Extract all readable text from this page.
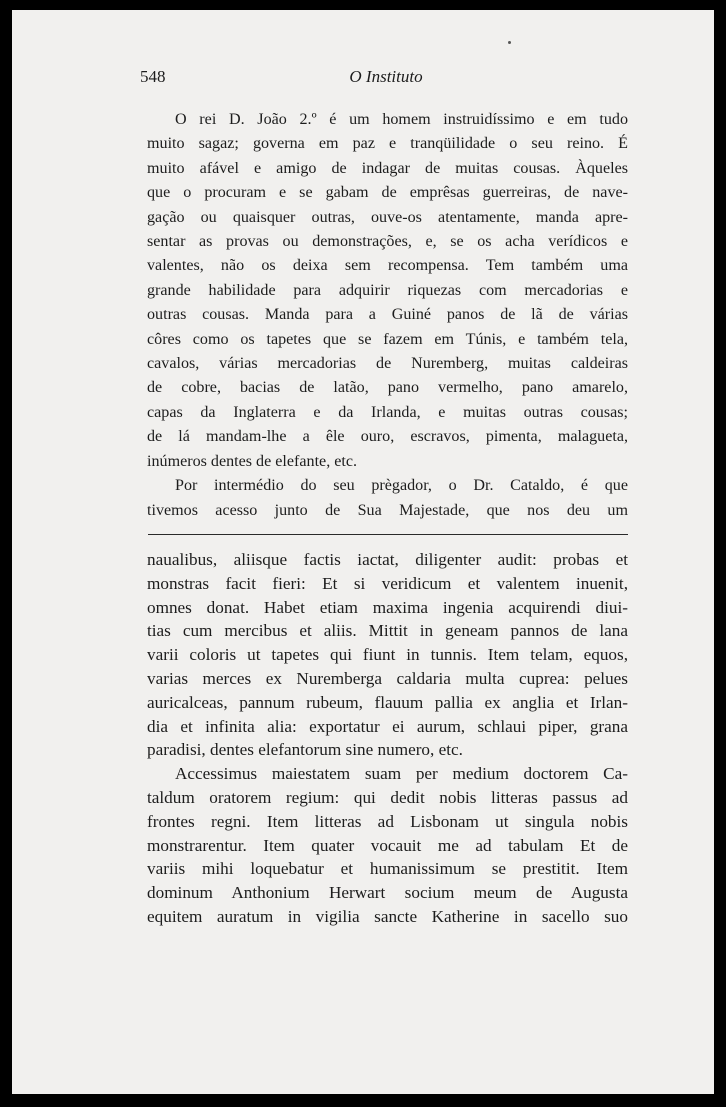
548	O Instituto

O rei D. João 2.º é um homem instruidíssimo e em tudo
muito sagaz; governa em paz e tranqüilidade o seu reino. É
muito afável e amigo de indagar de muitas cousas. Àqueles
que o procuram e se gabam de emprêsas guerreiras, de nave-
gação ou quaisquer outras, ouve-os atentamente, manda apre-
sentar as provas ou demonstrações, e, se os acha verídicos e
valentes, não os deixa sem recompensa. Tem também uma
grande habilidade para adquirir riquezas com mercadorias e
outras cousas. Manda para a Guiné panos de lã de várias
côres como os tapetes que se fazem em Túnis, e também tela,
cavalos, várias mercadorias de Nuremberg, muitas caldeiras
de cobre, bacias de latão, pano vermelho, pano amarelo,
capas da Inglaterra e da Irlanda, e muitas outras cousas;
de lá mandam-lhe a êle ouro, escravos, pimenta, malagueta,
inúmeros dentes de elefante, etc.

Por intermédio do seu prègador, o Dr. Cataldo, é que
tivemos acesso junto de Sua Majestade, que nos deu um

naualibus, aliisque factis iactat, diligenter audit: probas et
monstras facit fieri: Et si veridicum et valentem inuenit,
omnes donat. Habet etiam maxima ingenia acquirendi diui-
tias cum mercibus et aliis. Mittit in geneam pannos de lana
varii coloris ut tapetes qui fiunt in tunnis. Item telam, equos,
varias merces ex Nuremberga caldaria multa cuprea: pelues
auricalceas, pannum rubeum, flauum pallia ex anglia et Irlan-
dia et infinita alia: exportatur ei aurum, schlaui piper, grana
paradisi, dentes elefantorum sine numero, etc.

Accessimus maiestatem suam per medium doctorem Ca-
taldum oratorem regium: qui dedit nobis litteras passus ad
frontes regni. Item litteras ad Lisbonam ut singula nobis
monstrarentur. Item quater vocauit me ad tabulam Et de
variis mihi loquebatur et humanissimum se prestitit. Item
dominum Anthonium Herwart socium meum de Augusta
equitem auratum in vigilia sancte Katherine in sacello suo
